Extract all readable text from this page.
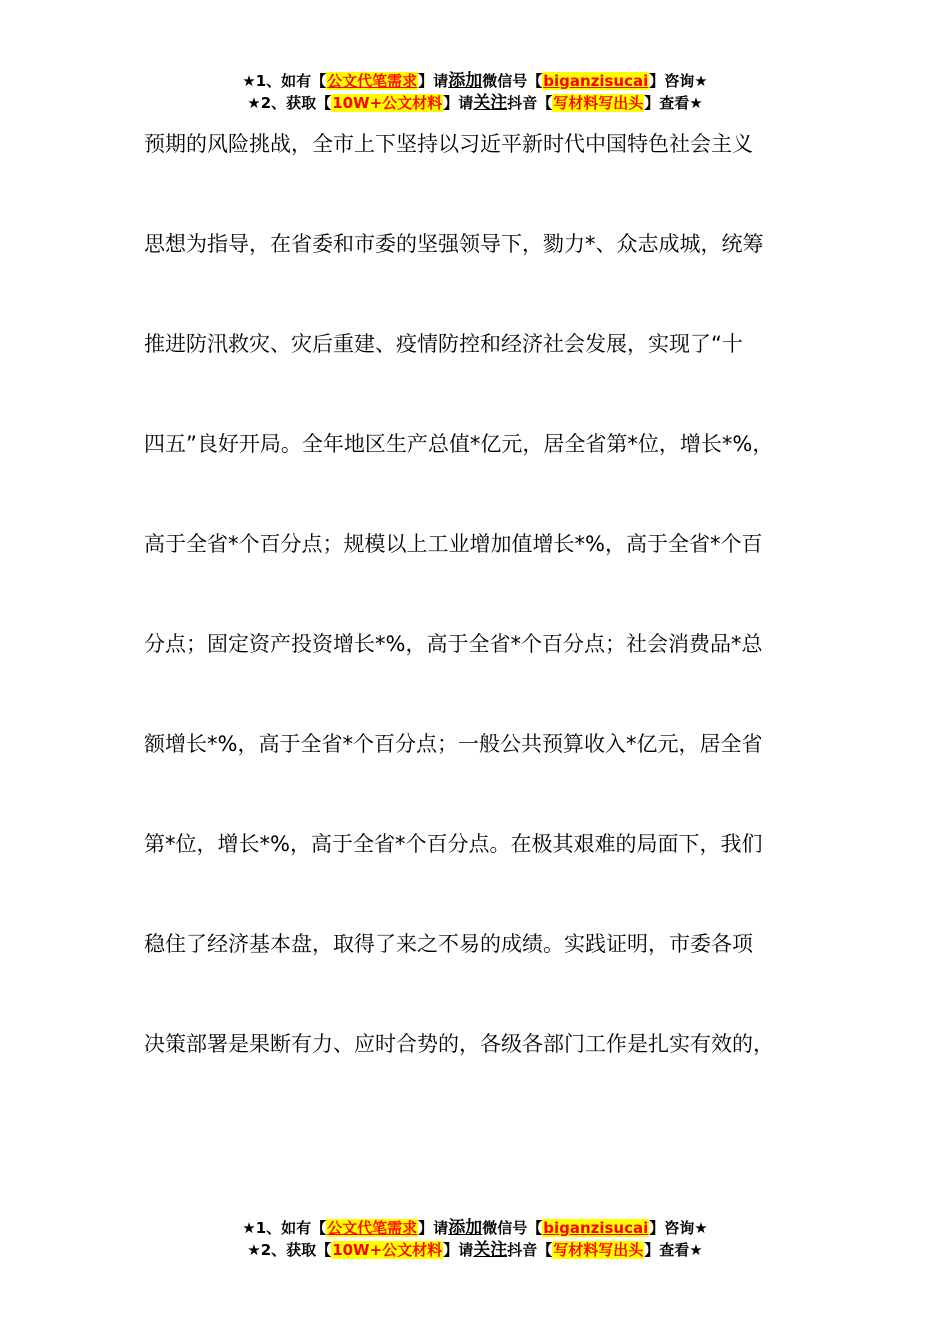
★1、如有【公文代笔需求】请添加微信号【biganzisucai】咨询★
★2、获取【10W+公文材料】请关注抖音【写材料写出头】查看★
预期的风险挑战，全市上下坚持以习近平新时代中国特色社会主义
思想为指导，在省委和市委的坚强领导下，勠力*、众志成城，统筹
推进防汛救灾、灾后重建、疫情防控和经济社会发展，实现了“十
四五”良好开局。全年地区生产总值*亿元，居全省第*位，增长*%，
高于全省*个百分点；规模以上工业增加值增长*%，高于全省*个百
分点；固定资产投资增长*%，高于全省*个百分点；社会消费品*总
额增长*%，高于全省*个百分点；一般公共预算收入*亿元，居全省
第*位，增长*%，高于全省*个百分点。在极其艰难的局面下，我们
稳住了经济基本盘，取得了来之不易的成绩。实践证明，市委各项
决策部署是果断有力、应时合势的，各级各部门工作是扎实有效的，
★1、如有【公文代笔需求】请添加微信号【biganzisucai】咨询★
★2、获取【10W+公文材料】请关注抖音【写材料写出头】查看★
